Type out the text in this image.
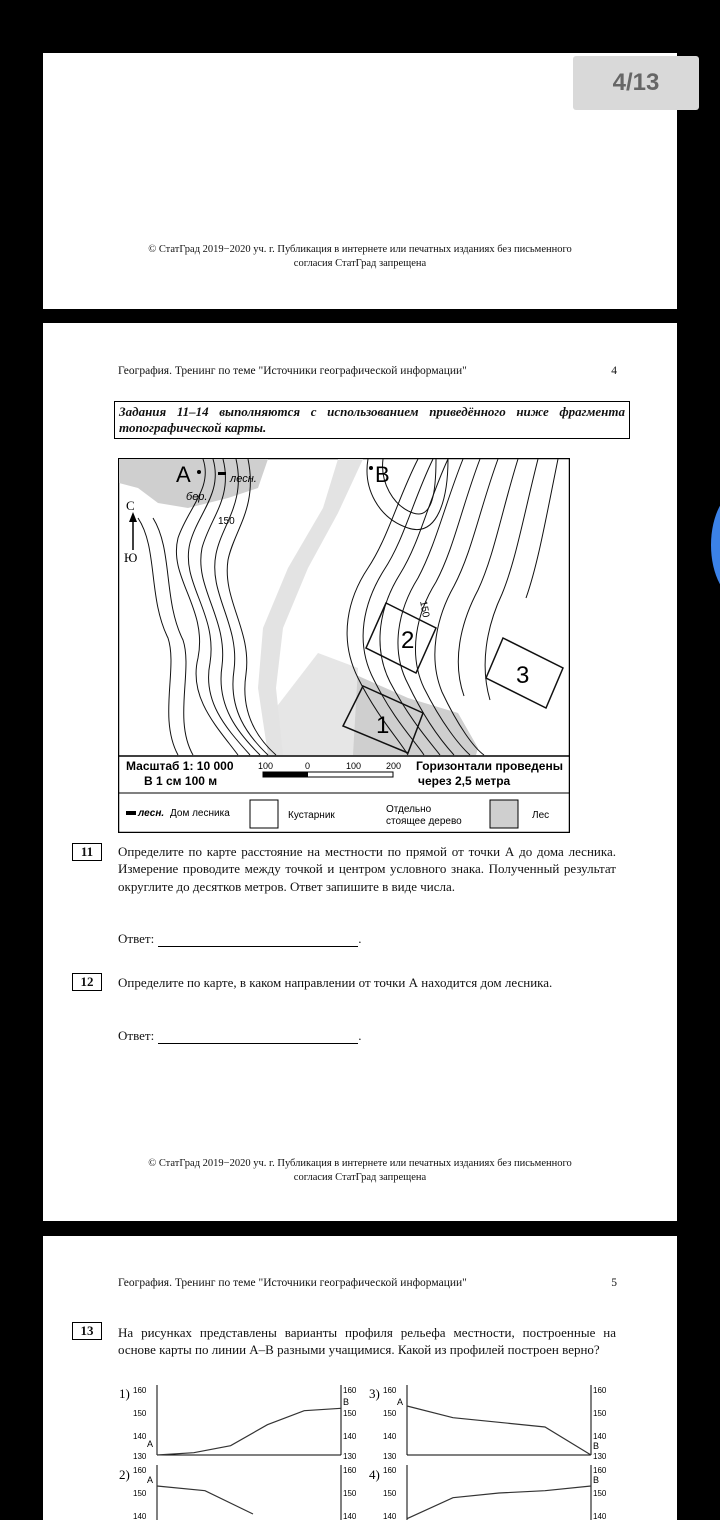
© СтатГрад 2019−2020 уч. г. Публикация в интернете или печатных изданиях без письменного
согласия СтатГрад запрещена
4/13
География. Тренинг по теме "Источники географической информации"	4
Задания 11–14 выполняются с использованием приведённого ниже фрагмента топографической карты.
А	В
лесн.
бер.
150
150
С
Ю
2
3
1
Масштаб 1: 10 000
В 1 см 100 м
100	0	100	200 Горизонтали проведены
через 2,5 метра
лесн. Дом лесника	Кустарник
Отдельно
стоящее дерево
Лес
11	Определите по карте расстояние на местности по прямой от точки А до дома лесника. Измерение проводите между точкой и центром условного знака. Полученный результат округлите до десятков метров. Ответ запишите в виде числа.
Ответ:	.
12	Определите по карте, в каком направлении от точки А находится дом лесника.
Ответ:	.
© СтатГрад 2019−2020 уч. г. Публикация в интернете или печатных изданиях без письменного
согласия СтатГрад запрещена
География. Тренинг по теме "Источники географической информации"	5
13	На рисунках представлены варианты профиля рельефа местности, построенные на основе карты по линии А–В разными учащимися. Какой из профилей построен верно?
1) 160
150
140
130
160
150
140
130
А
В
3) 160
150
140
130
160
150
140
130
А
В
2) 160
150
140
160
150
140
А	4) 160
150
140
160
150
140
В
